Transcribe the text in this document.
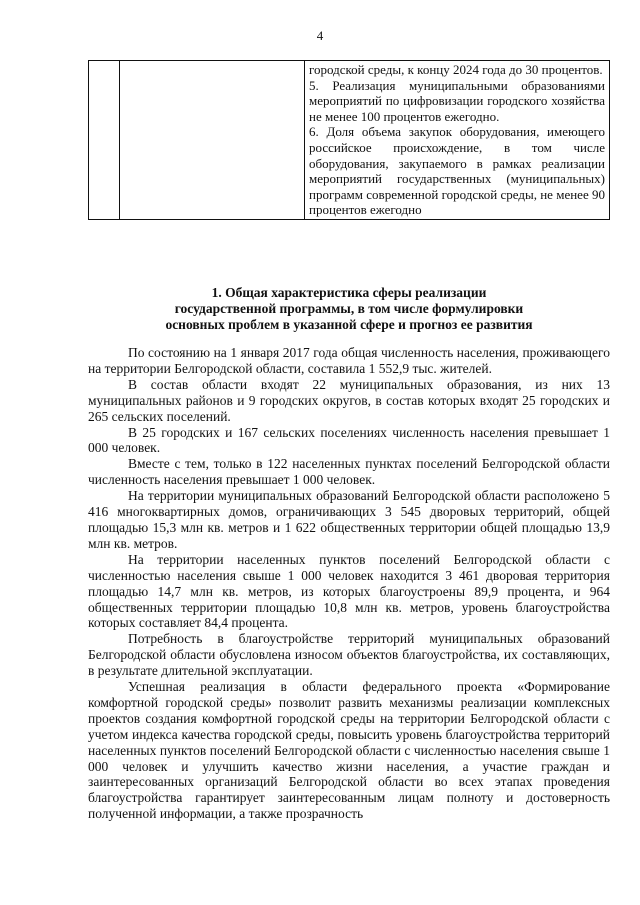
4

городской среды, к концу 2024 года до 30 процентов.
5. Реализация муниципальными образованиями мероприятий по цифровизации городского хозяйства не менее 100 процентов ежегодно.
6. Доля объема закупок оборудования, имеющего российское происхождение, в том числе оборудования, закупаемого в рамках реализации мероприятий государственных (муниципальных) программ современной городской среды, не менее 90 процентов ежегодно
1. Общая характеристика сферы реализации
государственной программы, в том числе формулировки
основных проблем в указанной сфере и прогноз ее развития

По состоянию на 1 января 2017 года общая численность населения, проживающего на территории Белгородской области, составила 1 552,9 тыс. жителей.

В состав области входят 22 муниципальных образования, из них 13 муниципальных районов и 9 городских округов, в состав которых входят 25 городских и 265 сельских поселений.

В 25 городских и 167 сельских поселениях численность населения превышает 1 000 человек.

Вместе с тем, только в 122 населенных пунктах поселений Белгородской области численность населения превышает 1 000 человек.

На территории муниципальных образований Белгородской области расположено 5 416 многоквартирных домов, ограничивающих 3 545 дворовых территорий, общей площадью 15,3 млн кв. метров и 1 622 общественных территории общей площадью 13,9 млн кв. метров.

На территории населенных пунктов поселений Белгородской области с численностью населения свыше 1 000 человек находится 3 461 дворовая территория площадью 14,7 млн кв. метров, из которых благоустроены 89,9 процента, и 964 общественных территории площадью 10,8 млн кв. метров, уровень благоустройства которых составляет 84,4 процента.

Потребность в благоустройстве территорий муниципальных образований Белгородской области обусловлена износом объектов благоустройства, их составляющих, в результате длительной эксплуатации.

Успешная реализация в области федерального проекта «Формирование комфортной городской среды» позволит развить механизмы реализации комплексных проектов создания комфортной городской среды на территории Белгородской области с учетом индекса качества городской среды, повысить уровень благоустройства территорий населенных пунктов поселений Белгородской области с численностью населения свыше 1 000 человек и улучшить качество жизни населения, а участие граждан и заинтересованных организаций Белгородской области во всех этапах проведения благоустройства гарантирует заинтересованным лицам полноту и достоверность полученной информации, а также прозрачность
